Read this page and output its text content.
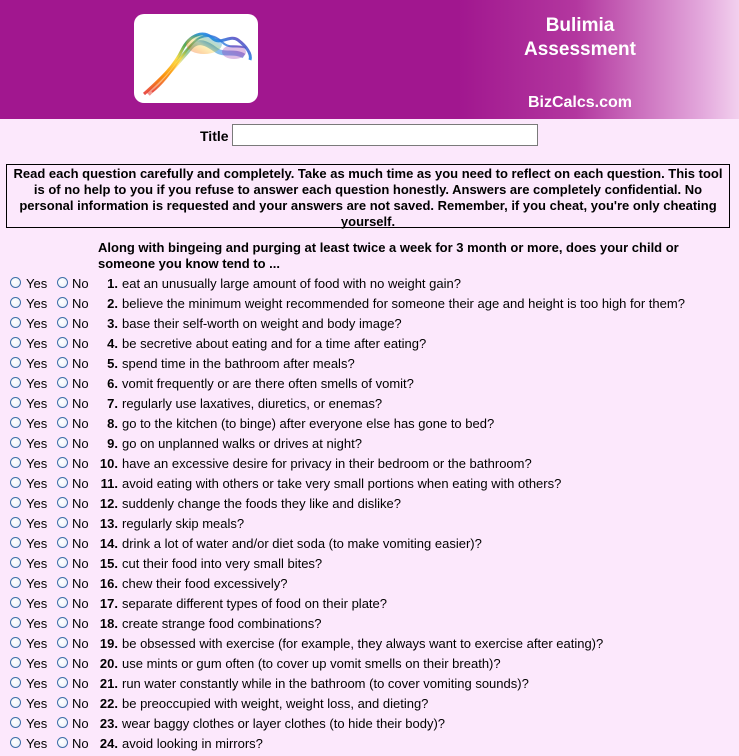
Bulimia Assessment
BizCalcs.com
Title
Read each question carefully and completely. Take as much time as you need to reflect on each question. This tool is of no help to you if you refuse to answer each question honestly. Answers are completely confidential. No personal information is requested and your answers are not saved. Remember, if you cheat, you're only cheating yourself.
Along with bingeing and purging at least twice a week for 3 month or more, does your child or someone you know tend to ...
Yes No	1. eat an unusually large amount of food with no weight gain?
Yes No	2. believe the minimum weight recommended for someone their age and height is too high for them?
Yes No	3. base their self-worth on weight and body image?
Yes No	4. be secretive about eating and for a time after eating?
Yes No	5. spend time in the bathroom after meals?
Yes No	6. vomit frequently or are there often smells of vomit?
Yes No	7. regularly use laxatives, diuretics, or enemas?
Yes No	8. go to the kitchen (to binge) after everyone else has gone to bed?
Yes No	9. go on unplanned walks or drives at night?
Yes No 10. have an excessive desire for privacy in their bedroom or the bathroom?
Yes No 11. avoid eating with others or take very small portions when eating with others?
Yes No 12. suddenly change the foods they like and dislike?
Yes No 13. regularly skip meals?
Yes No 14. drink a lot of water and/or diet soda (to make vomiting easier)?
Yes No 15. cut their food into very small bites?
Yes No 16. chew their food excessively?
Yes No 17. separate different types of food on their plate?
Yes No 18. create strange food combinations?
Yes No 19. be obsessed with exercise (for example, they always want to exercise after eating)?
Yes No 20. use mints or gum often (to cover up vomit smells on their breath)?
Yes No 21. run water constantly while in the bathroom (to cover vomiting sounds)?
Yes No 22. be preoccupied with weight, weight loss, and dieting?
Yes No 23. wear baggy clothes or layer clothes (to hide their body)?
Yes No 24. avoid looking in mirrors?
